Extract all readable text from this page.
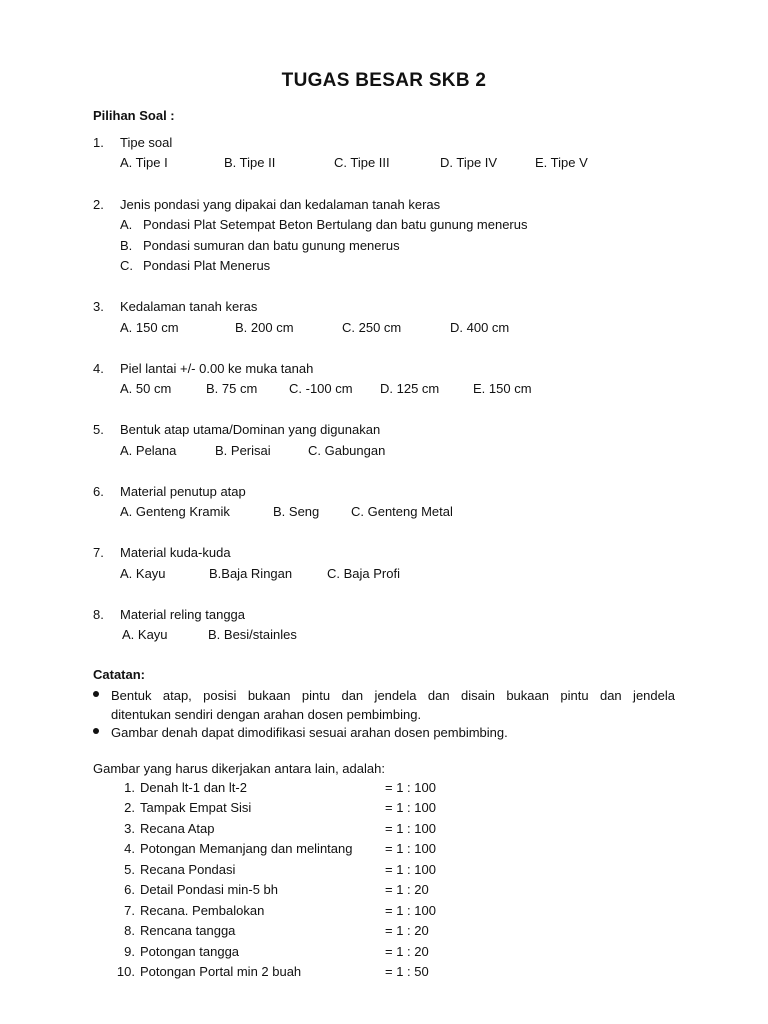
TUGAS BESAR SKB 2
Pilihan Soal :
1. Tipe soal
A. Tipe I	B. Tipe II	C. Tipe III	D. Tipe IV	E. Tipe V
2. Jenis pondasi yang dipakai dan kedalaman tanah keras
A. Pondasi Plat Setempat Beton Bertulang dan batu gunung menerus
B. Pondasi sumuran dan batu gunung menerus
C. Pondasi Plat Menerus
3. Kedalaman tanah keras
A. 150 cm	B. 200 cm	C. 250 cm	D. 400 cm
4. Piel lantai +/- 0.00 ke muka tanah
A. 50 cm	B. 75 cm C. -100 cm D. 125 cm	E. 150 cm
5. Bentuk atap utama/Dominan yang digunakan
A. Pelana	B. Perisai	C. Gabungan
6. Material penutup atap
A. Genteng Kramik	B. Seng C. Genteng Metal
7. Material kuda-kuda
A. Kayu	B.Baja Ringan	C. Baja Profi
8. Material reling tangga
A. Kayu	B. Besi/stainles
Catatan:
Bentuk atap, posisi bukaan pintu dan jendela dan disain bukaan pintu dan jendela
ditentukan sendiri dengan arahan dosen pembimbing.
Gambar denah dapat dimodifikasi sesuai arahan dosen pembimbing.
Gambar yang harus dikerjakan antara lain, adalah:
1. Denah lt-1 dan lt-2	= 1 : 100
2. Tampak Empat Sisi	= 1 : 100
3. Recana Atap	= 1 : 100
4. Potongan Memanjang dan melintang	= 1 : 100
5. Recana Pondasi	= 1 : 100
6. Detail Pondasi min-5 bh	= 1 : 20
7. Recana. Pembalokan	= 1 : 100
8. Rencana tangga	= 1 : 20
9. Potongan tangga	= 1 : 20
10. Potongan Portal min 2 buah	= 1 : 50
